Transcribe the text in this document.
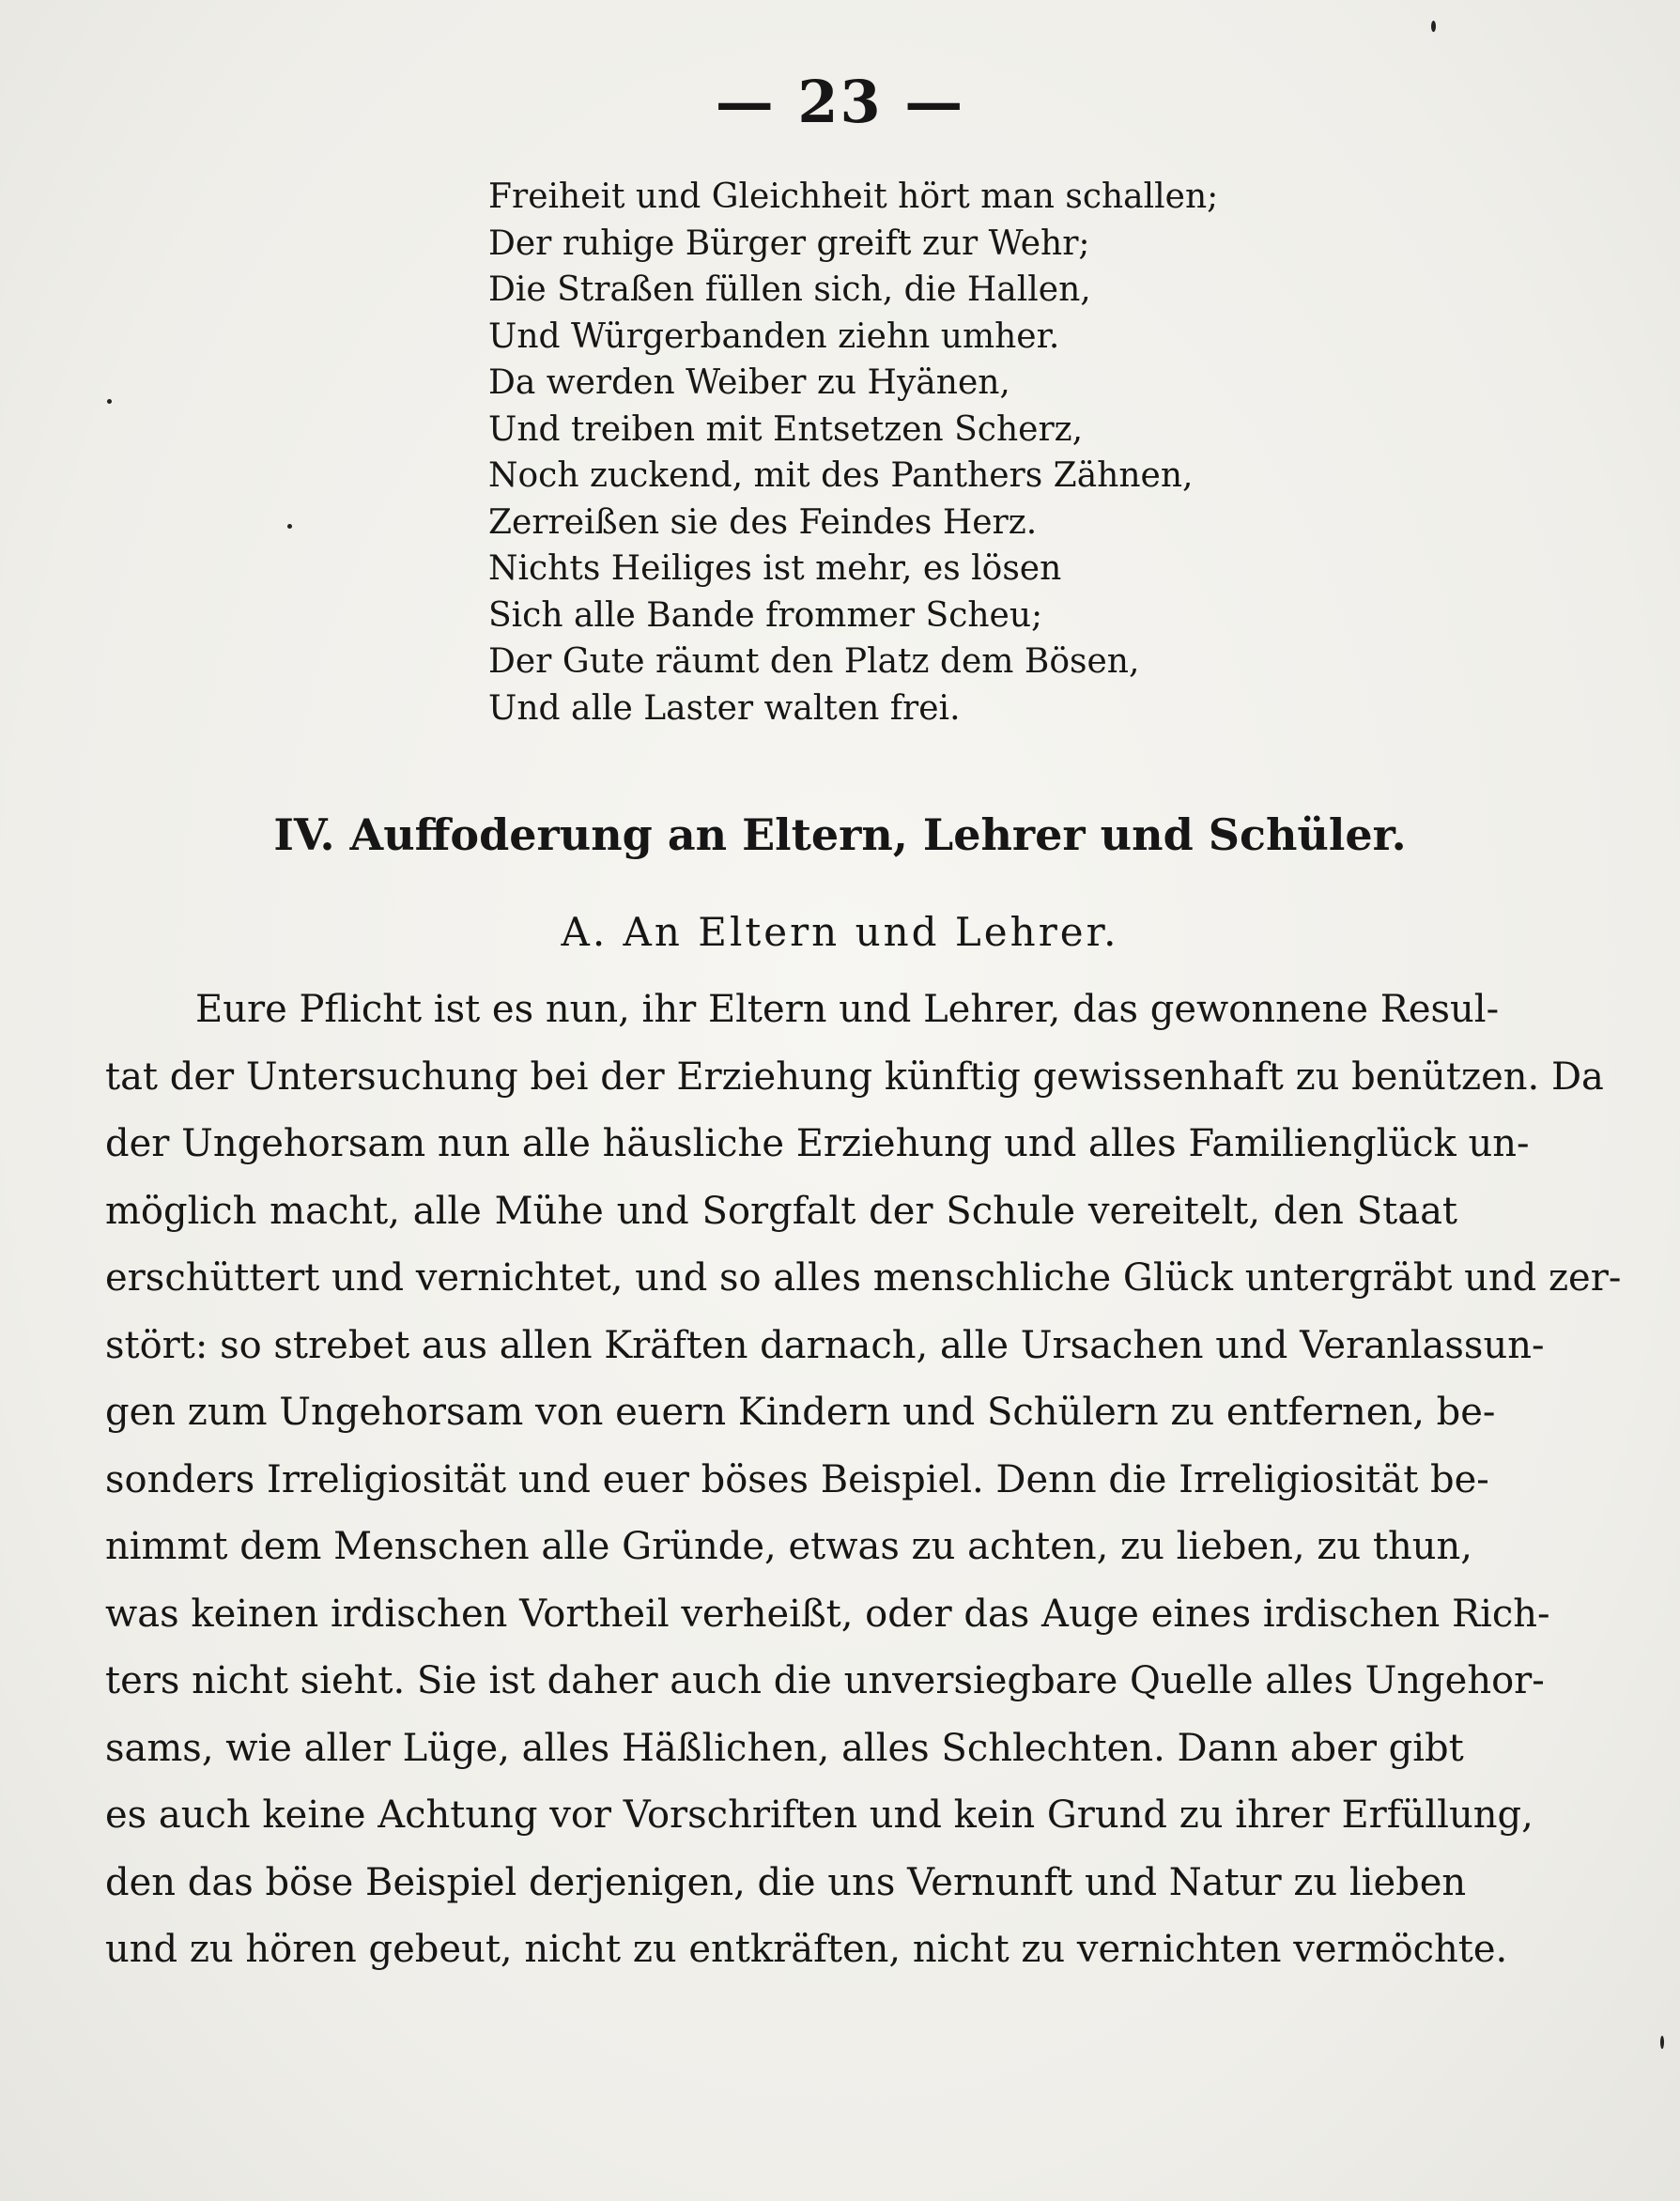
— 23 —
Freiheit und Gleichheit hört man schallen;
Der ruhige Bürger greift zur Wehr;
Die Straßen füllen sich, die Hallen,
Und Würgerbanden ziehn umher.
Da werden Weiber zu Hyänen,
Und treiben mit Entsetzen Scherz,
Noch zuckend, mit des Panthers Zähnen,
Zerreißen sie des Feindes Herz.
Nichts Heiliges ist mehr, es lösen
Sich alle Bande frommer Scheu;
Der Gute räumt den Platz dem Bösen,
Und alle Laster walten frei.
IV. Auffoderung an Eltern, Lehrer und Schüler.
A. An Eltern und Lehrer.
Eure Pflicht ist es nun, ihr Eltern und Lehrer, das gewonnene Resul-
tat der Untersuchung bei der Erziehung künftig gewissenhaft zu benützen. Da
der Ungehorsam nun alle häusliche Erziehung und alles Familienglück un-
möglich macht, alle Mühe und Sorgfalt der Schule vereitelt, den Staat
erschüttert und vernichtet, und so alles menschliche Glück untergräbt und zer-
stört: so strebet aus allen Kräften darnach, alle Ursachen und Veranlassun-
gen zum Ungehorsam von euern Kindern und Schülern zu entfernen, be-
sonders Irreligiosität und euer böses Beispiel. Denn die Irreligiosität be-
nimmt dem Menschen alle Gründe, etwas zu achten, zu lieben, zu thun,
was keinen irdischen Vortheil verheißt, oder das Auge eines irdischen Rich-
ters nicht sieht. Sie ist daher auch die unversiegbare Quelle alles Ungehor-
sams, wie aller Lüge, alles Häßlichen, alles Schlechten. Dann aber gibt
es auch keine Achtung vor Vorschriften und kein Grund zu ihrer Erfüllung,
den das böse Beispiel derjenigen, die uns Vernunft und Natur zu lieben
und zu hören gebeut, nicht zu entkräften, nicht zu vernichten vermöchte.
